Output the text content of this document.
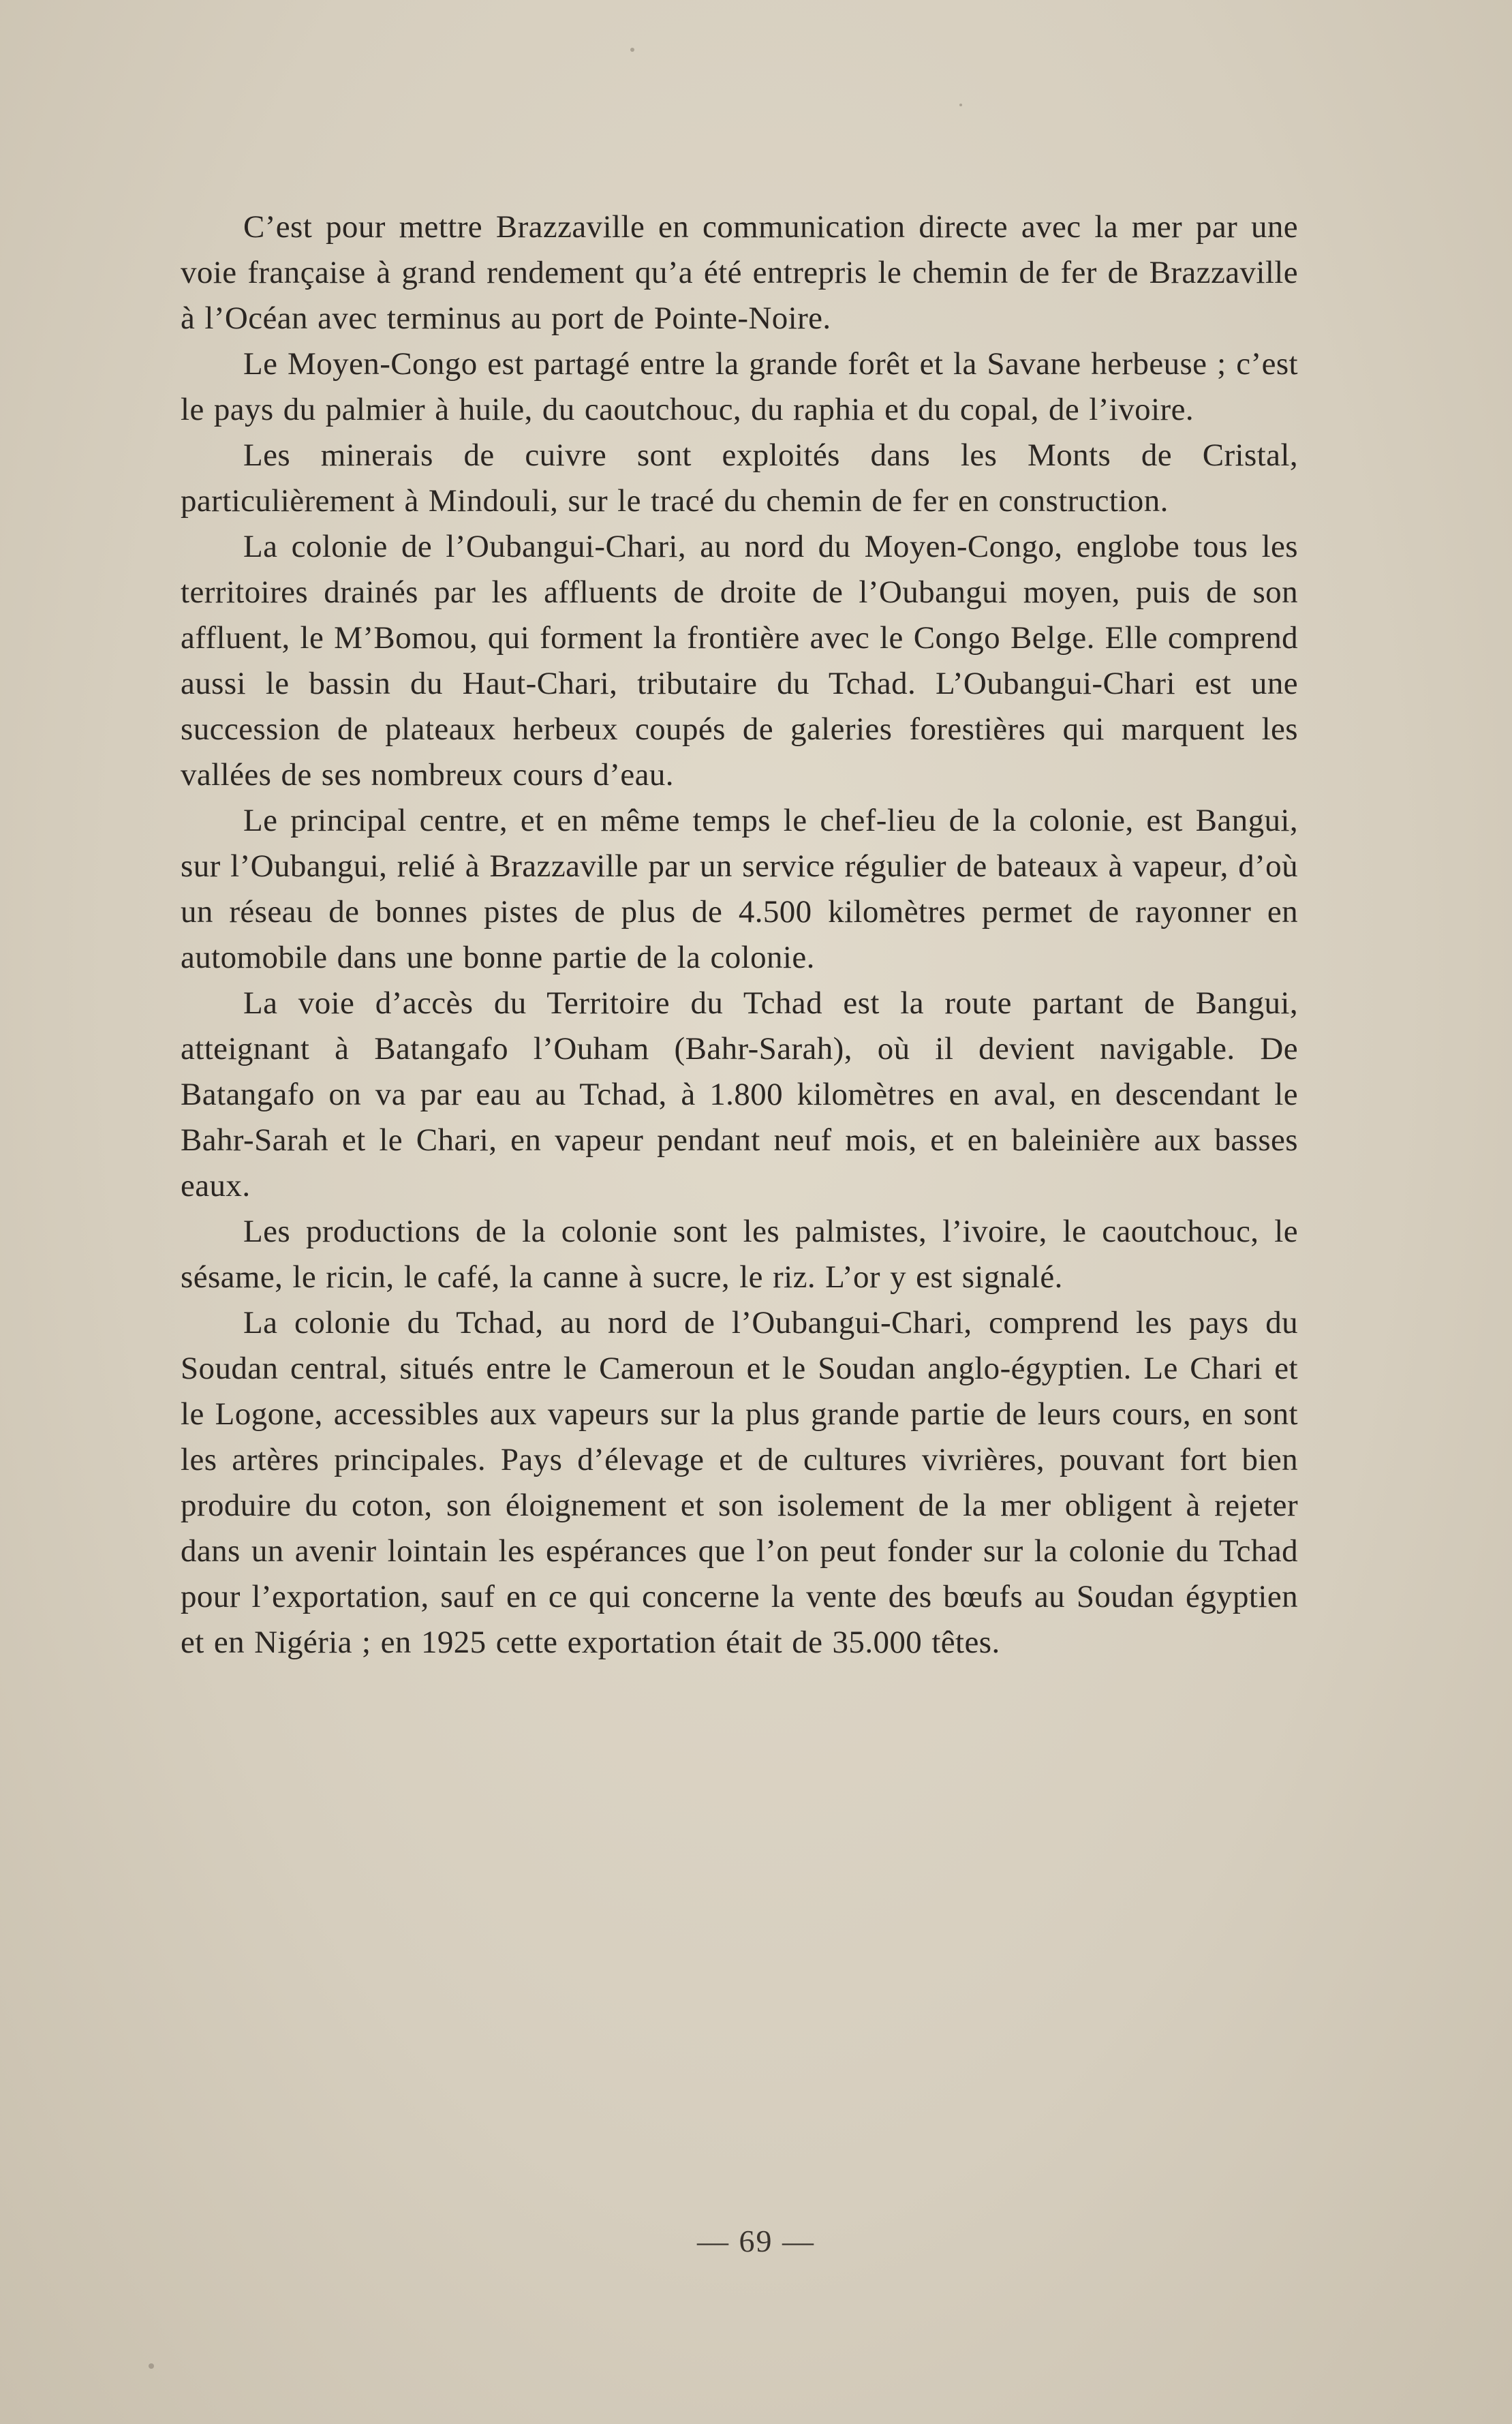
C’est pour mettre Brazzaville en communication directe avec la mer par une voie française à grand rendement qu’a été entrepris le chemin de fer de Brazzaville à l’Océan avec terminus au port de Pointe-Noire.

Le Moyen-Congo est partagé entre la grande forêt et la Savane herbeuse ; c’est le pays du palmier à huile, du caoutchouc, du raphia et du copal, de l’ivoire.

Les minerais de cuivre sont exploités dans les Monts de Cristal, particulièrement à Mindouli, sur le tracé du chemin de fer en construction.

La colonie de l’Oubangui-Chari, au nord du Moyen-Congo, englobe tous les territoires drainés par les affluents de droite de l’Oubangui moyen, puis de son affluent, le M’Bomou, qui forment la frontière avec le Congo Belge. Elle comprend aussi le bassin du Haut-Chari, tributaire du Tchad. L’Oubangui-Chari est une succession de plateaux herbeux coupés de galeries forestières qui marquent les vallées de ses nombreux cours d’eau.

Le principal centre, et en même temps le chef-lieu de la colonie, est Bangui, sur l’Oubangui, relié à Brazzaville par un service régulier de bateaux à vapeur, d’où un réseau de bonnes pistes de plus de 4.500 kilomètres permet de rayonner en automobile dans une bonne partie de la colonie.

La voie d’accès du Territoire du Tchad est la route partant de Bangui, atteignant à Batangafo l’Ouham (Bahr-Sarah), où il devient navigable. De Batangafo on va par eau au Tchad, à 1.800 kilomètres en aval, en descendant le Bahr-Sarah et le Chari, en vapeur pendant neuf mois, et en baleinière aux basses eaux.

Les productions de la colonie sont les palmistes, l’ivoire, le caoutchouc, le sésame, le ricin, le café, la canne à sucre, le riz. L’or y est signalé.

La colonie du Tchad, au nord de l’Oubangui-Chari, comprend les pays du Soudan central, situés entre le Cameroun et le Soudan anglo-égyptien. Le Chari et le Logone, accessibles aux vapeurs sur la plus grande partie de leurs cours, en sont les artères principales. Pays d’élevage et de cultures vivrières, pouvant fort bien produire du coton, son éloignement et son isolement de la mer obligent à rejeter dans un avenir lointain les espérances que l’on peut fonder sur la colonie du Tchad pour l’exportation, sauf en ce qui concerne la vente des bœufs au Soudan égyptien et en Nigéria ; en 1925 cette exportation était de 35.000 têtes.

— 69 —
